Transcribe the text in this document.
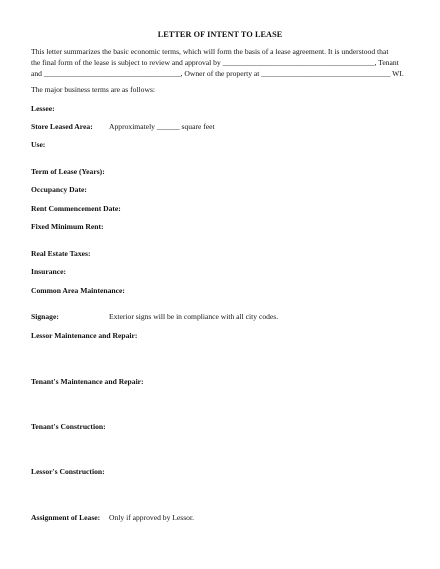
LETTER OF INTENT TO LEASE
This letter summarizes the basic economic terms, which will form the basis of a lease agreement. It is understood that
the final form of the lease is subject to review and approval by ________________________________________, Tenant
and ____________________________________, Owner of the property at __________________________________ WI.
The major business terms are as follows:
Lessee:
Store Leased Area: Approximately ______ square feet
Use:
Term of Lease (Years):
Occupancy Date:
Rent Commencement Date:
Fixed Minimum Rent:
Real Estate Taxes:
Insurance:
Common Area Maintenance:
Signage:	Exterior signs will be in compliance with all city codes.
Lessor Maintenance and Repair:
Tenant's Maintenance and Repair:
Tenant's Construction:
Lessor's Construction:
Assignment of Lease: Only if approved by Lessor.
